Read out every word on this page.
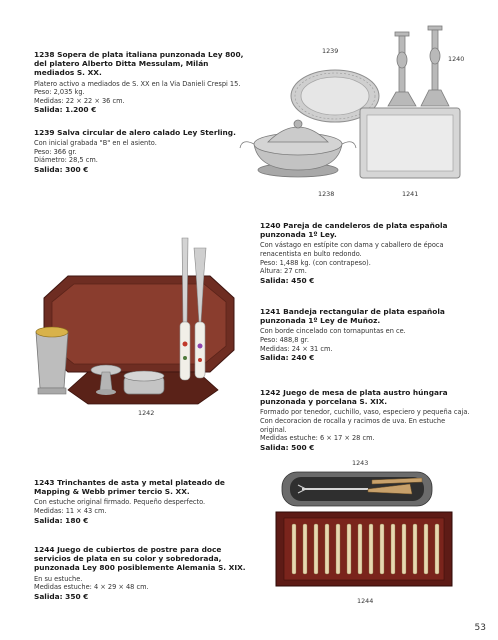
1238 Sopera de plata italiana punzonada Ley 800, del platero Alberto Ditta Messulam, Milán mediados S. XX.
Platero activo a mediados de S. XX en la Via Danieli Crespi 15.
Peso: 2,035 kg.
Medidas: 22 × 22 × 36 cm.
Salida: 1.200 €
1239 Salva circular de alero calado Ley Sterling.
Con inicial grabada "B" en el asiento.
Peso: 366 gr.
Diámetro: 28,5 cm.
Salida: 300 €
1240 Pareja de candeleros de plata española punzonada 1º Ley.
Con vástago en estípite con dama y caballero de época renacentista en bulto redondo.
Peso: 1,488 kg. (con contrapeso).
Altura: 27 cm.
Salida: 450 €
1241 Bandeja rectangular de plata española punzonada 1º Ley de Muñoz.
Con borde cincelado con tornapuntas en ce.
Peso: 488,8 gr.
Medidas: 24 × 31 cm.
Salida: 240 €
1242 Juego de mesa de plata austro húngara punzonada y porcelana S. XIX.
Formado por tenedor, cuchillo, vaso, especiero y pequeña caja.
Con decoracion de rocalla y racimos de uva. En estuche original.
Medidas estuche: 6 × 17 × 28 cm.
Salida: 500 €
1243 Trinchantes de asta y metal plateado de Mapping & Webb primer tercio S. XX.
Con estuche original firmado. Pequeño desperfecto.
Medidas: 11 × 43 cm.
Salida: 180 €
1244 Juego de cubiertos de postre para doce servicios de plata en su color y sobredorada, punzonada Ley 800 posiblemente Alemania S. XIX.
En su estuche.
Medidas estuche: 4 × 29 × 48 cm.
Salida: 350 €
1239
1240
1238	1241
1242
1243
1244
53
